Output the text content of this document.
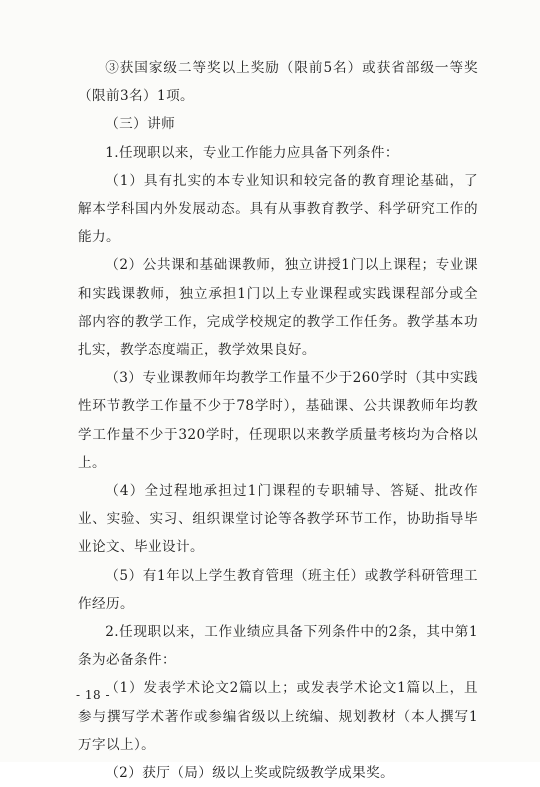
③获国家级二等奖以上奖励（限前5名）或获省部级一等奖（限前3名）1项。

（三）讲师

1.任现职以来，专业工作能力应具备下列条件：

（1）具有扎实的本专业知识和较完备的教育理论基础，了解本学科国内外发展动态。具有从事教育教学、科学研究工作的能力。

（2）公共课和基础课教师，独立讲授1门以上课程；专业课和实践课教师，独立承担1门以上专业课程或实践课程部分或全部内容的教学工作，完成学校规定的教学工作任务。教学基本功扎实，教学态度端正，教学效果良好。

（3）专业课教师年均教学工作量不少于260学时（其中实践性环节教学工作量不少于78学时），基础课、公共课教师年均教学工作量不少于320学时，任现职以来教学质量考核均为合格以上。

（4）全过程地承担过1门课程的专职辅导、答疑、批改作业、实验、实习、组织课堂讨论等各教学环节工作，协助指导毕业论文、毕业设计。

（5）有1年以上学生教育管理（班主任）或教学科研管理工作经历。

2.任现职以来，工作业绩应具备下列条件中的2条，其中第1条为必备条件：

（1）发表学术论文2篇以上；或发表学术论文1篇以上，且参与撰写学术著作或参编省级以上统编、规划教材（本人撰写1万字以上）。

（2）获厅（局）级以上奖或院级教学成果奖。

- 18 -
